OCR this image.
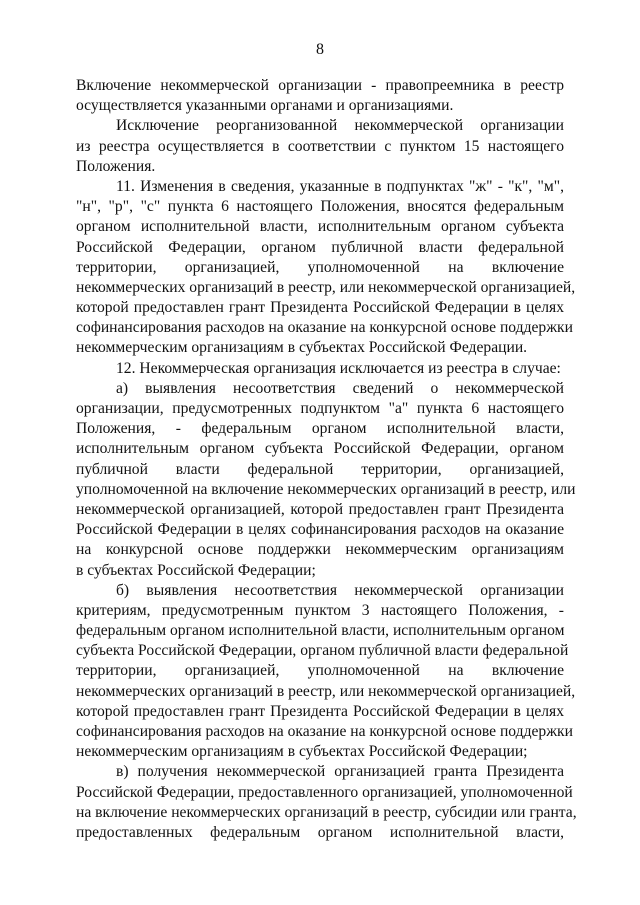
8
Включение некоммерческой организации - правопреемника в реестр
осуществляется указанными органами и организациями.
Исключение реорганизованной некоммерческой организации
из реестра осуществляется в соответствии с пунктом 15 настоящего
Положения.
11. Изменения в сведения, указанные в подпунктах "ж" - "к", "м",
"н", "р", "с" пункта 6 настоящего Положения, вносятся федеральным
органом исполнительной власти, исполнительным органом субъекта
Российской Федерации, органом публичной власти федеральной
территории, организацией, уполномоченной на включение
некоммерческих организаций в реестр, или некоммерческой организацией,
которой предоставлен грант Президента Российской Федерации в целях
софинансирования расходов на оказание на конкурсной основе поддержки
некоммерческим организациям в субъектах Российской Федерации.
12. Некоммерческая организация исключается из реестра в случае:
а) выявления несоответствия сведений о некоммерческой
организации, предусмотренных подпунктом "а" пункта 6 настоящего
Положения, - федеральным органом исполнительной власти,
исполнительным органом субъекта Российской Федерации, органом
публичной власти федеральной территории, организацией,
уполномоченной на включение некоммерческих организаций в реестр, или
некоммерческой организацией, которой предоставлен грант Президента
Российской Федерации в целях софинансирования расходов на оказание
на конкурсной основе поддержки некоммерческим организациям
в субъектах Российской Федерации;
б) выявления несоответствия некоммерческой организации
критериям, предусмотренным пунктом 3 настоящего Положения, -
федеральным органом исполнительной власти, исполнительным органом
субъекта Российской Федерации, органом публичной власти федеральной
территории, организацией, уполномоченной на включение
некоммерческих организаций в реестр, или некоммерческой организацией,
которой предоставлен грант Президента Российской Федерации в целях
софинансирования расходов на оказание на конкурсной основе поддержки
некоммерческим организациям в субъектах Российской Федерации;
в) получения некоммерческой организацией гранта Президента
Российской Федерации, предоставленного организацией, уполномоченной
на включение некоммерческих организаций в реестр, субсидии или гранта,
предоставленных федеральным органом исполнительной власти,
